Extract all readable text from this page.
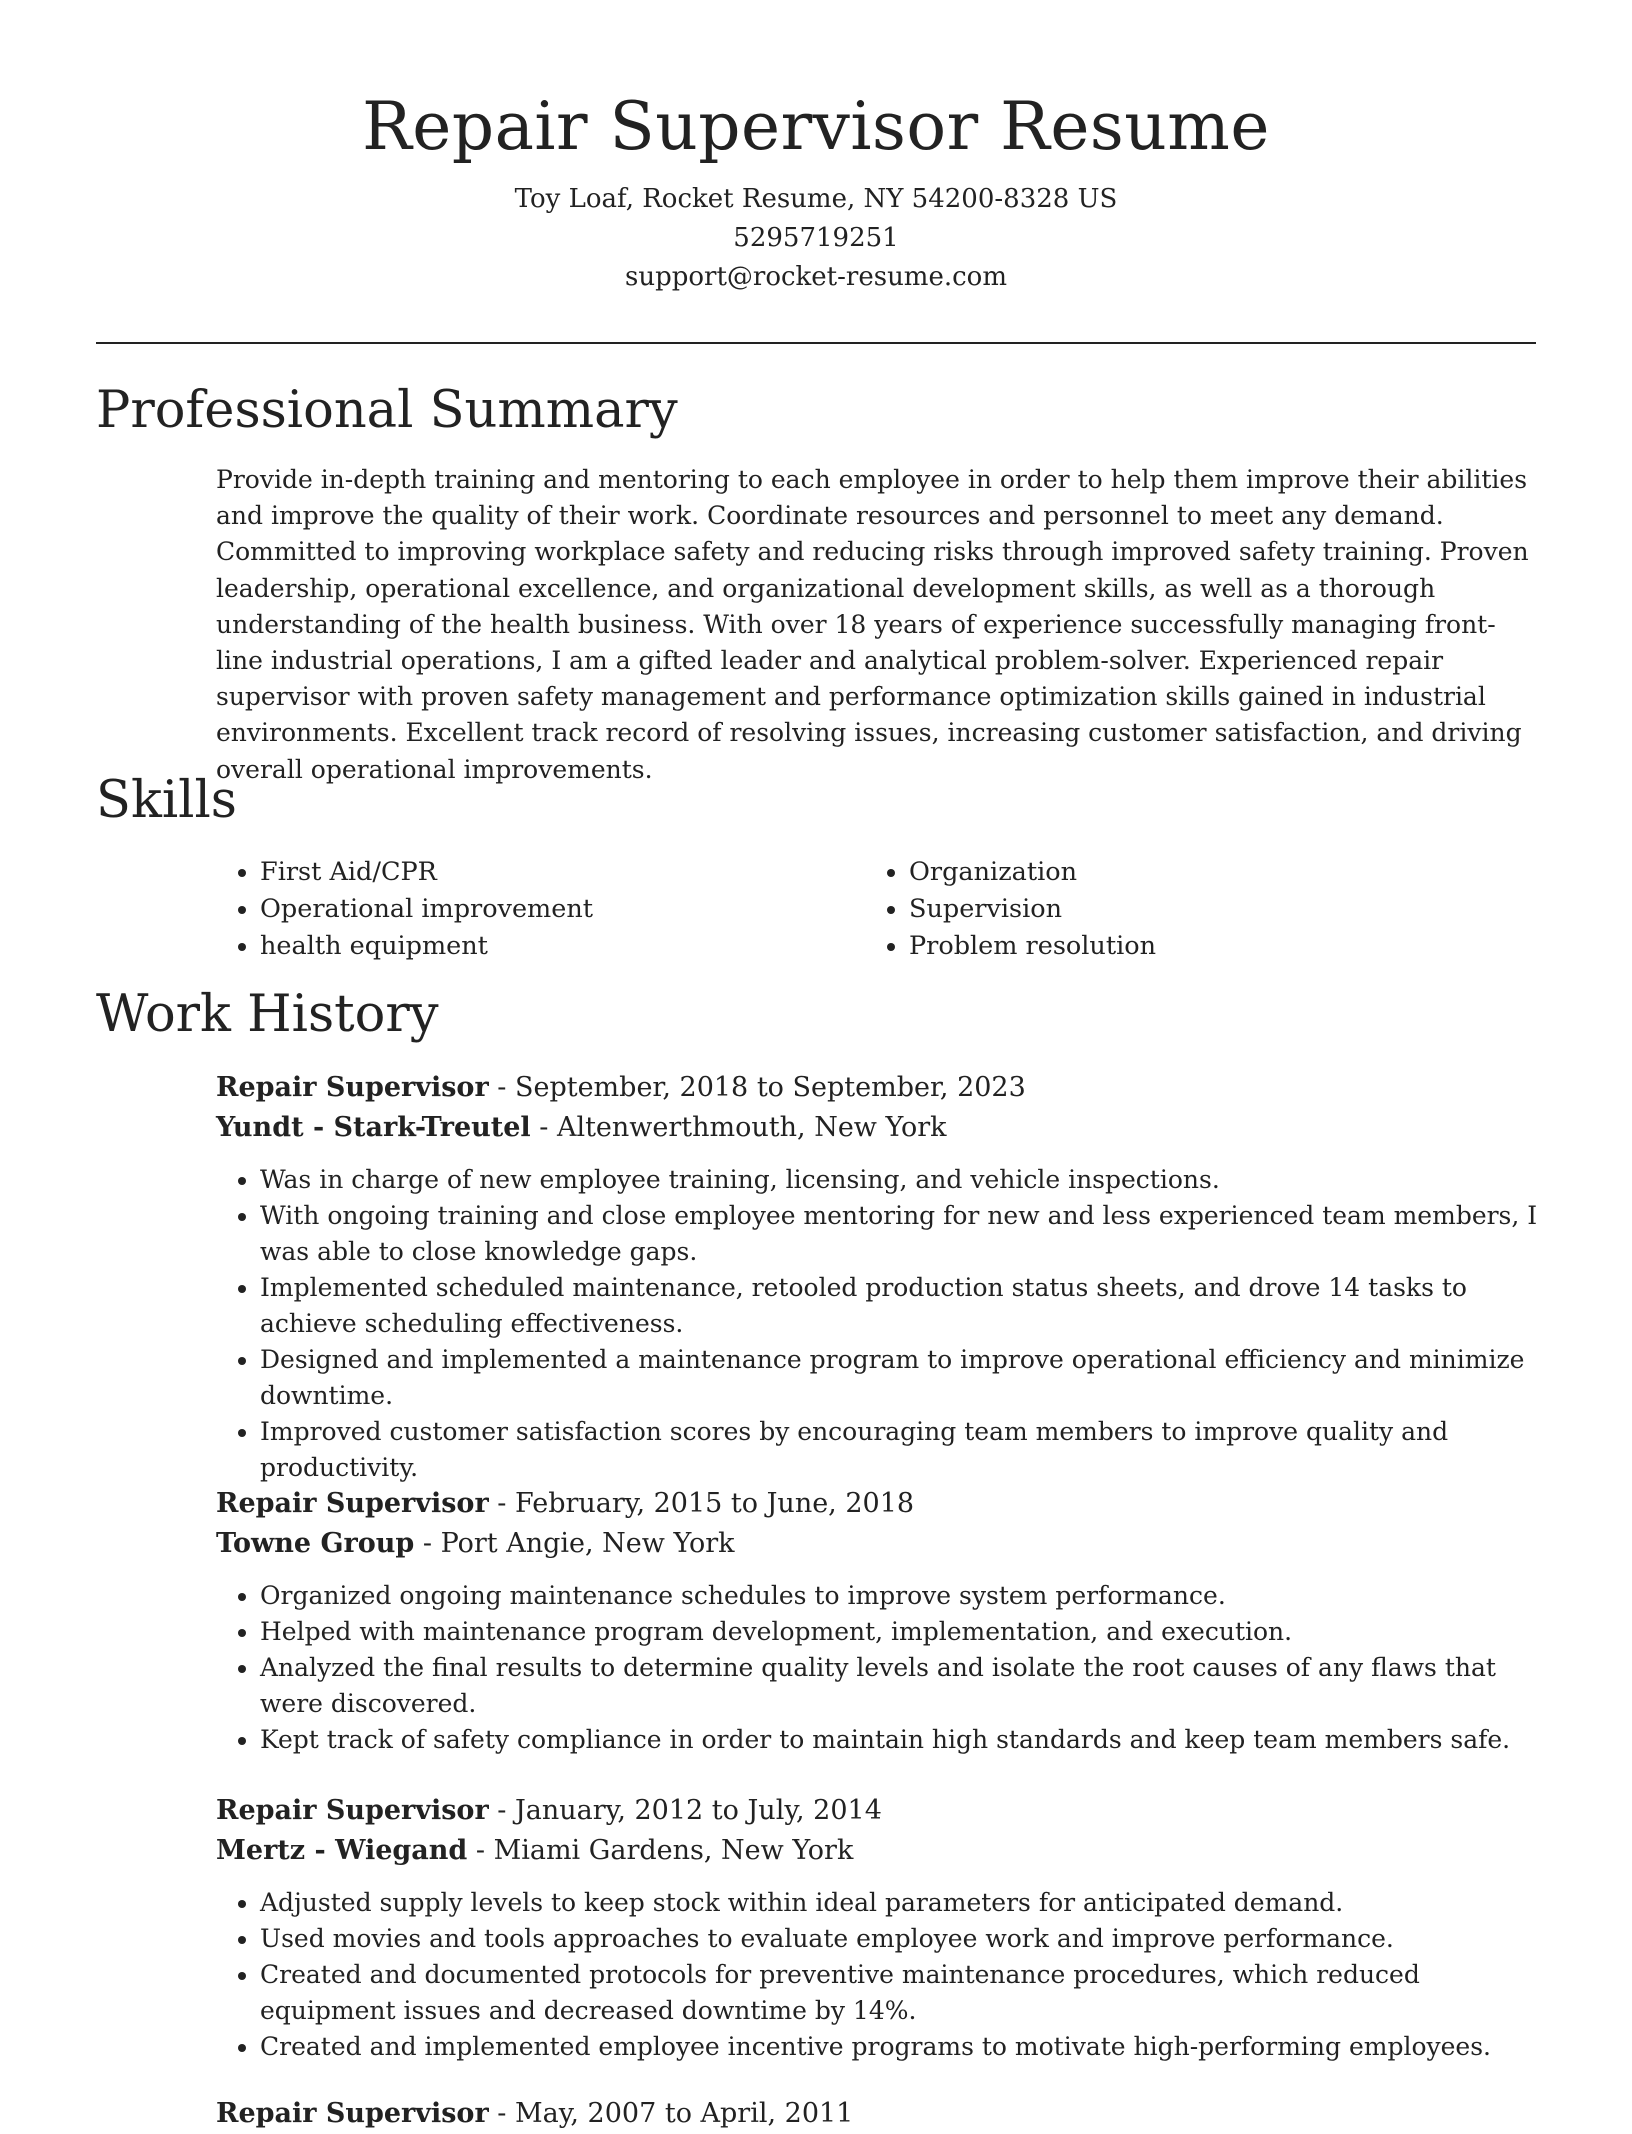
Repair Supervisor Resume
Toy Loaf, Rocket Resume, NY 54200-8328 US
5295719251
support@rocket-resume.com
Professional Summary

Provide in-depth training and mentoring to each employee in order to help them improve their abilities and improve the quality of their work. Coordinate resources and personnel to meet any demand. Committed to improving workplace safety and reducing risks through improved safety training. Proven leadership, operational excellence, and organizational development skills, as well as a thorough understanding of the health business. With over 18 years of experience successfully managing front-line industrial operations, I am a gifted leader and analytical problem-solver. Experienced repair supervisor with proven safety management and performance optimization skills gained in industrial environments. Excellent track record of resolving issues, increasing customer satisfaction, and driving overall operational improvements.

Skills
• First Aid/CPR
• Operational improvement
• health equipment
• Organization
• Supervision
• Problem resolution
Work History
Repair Supervisor - September, 2018 to September, 2023
Yundt - Stark-Treutel - Altenwerthmouth, New York
• Was in charge of new employee training, licensing, and vehicle inspections.
• With ongoing training and close employee mentoring for new and less experienced team members, I was able to close knowledge gaps.
• Implemented scheduled maintenance, retooled production status sheets, and drove 14 tasks to achieve scheduling effectiveness.
• Designed and implemented a maintenance program to improve operational efficiency and minimize downtime.
• Improved customer satisfaction scores by encouraging team members to improve quality and productivity.
Repair Supervisor - February, 2015 to June, 2018
Towne Group - Port Angie, New York
• Organized ongoing maintenance schedules to improve system performance.
• Helped with maintenance program development, implementation, and execution.
• Analyzed the final results to determine quality levels and isolate the root causes of any flaws that were discovered.
• Kept track of safety compliance in order to maintain high standards and keep team members safe.
Repair Supervisor - January, 2012 to July, 2014
Mertz - Wiegand - Miami Gardens, New York
• Adjusted supply levels to keep stock within ideal parameters for anticipated demand.
• Used movies and tools approaches to evaluate employee work and improve performance.
• Created and documented protocols for preventive maintenance procedures, which reduced equipment issues and decreased downtime by 14%.
• Created and implemented employee incentive programs to motivate high-performing employees.
Repair Supervisor - May, 2007 to April, 2011
